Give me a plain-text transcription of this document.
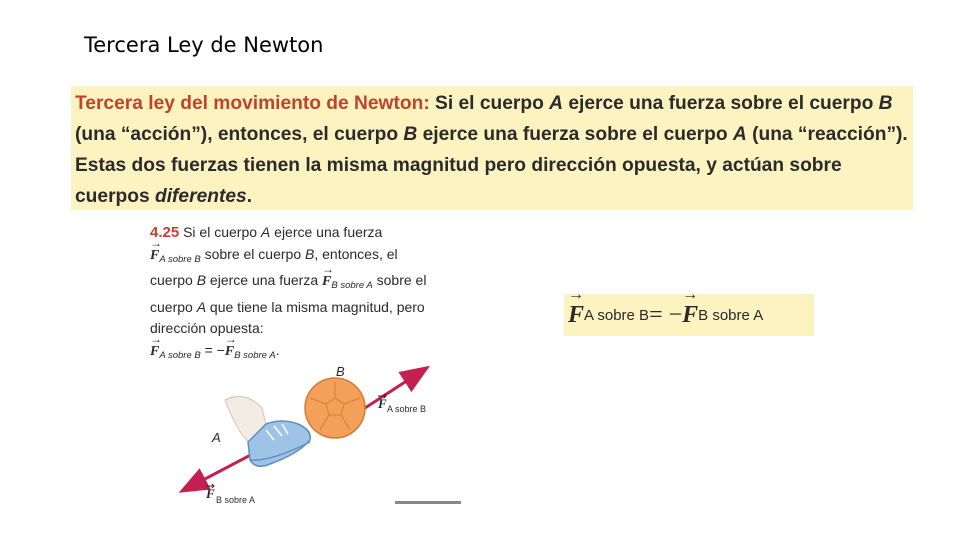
Tercera Ley de Newton
Tercera ley del movimiento de Newton: Si el cuerpo A ejerce una fuerza sobre el cuerpo B (una “acción”), entonces, el cuerpo B ejerce una fuerza sobre el cuerpo A (una “reacción”). Estas dos fuerzas tienen la misma magnitud pero dirección opuesta, y actúan sobre cuerpos diferentes.
4.25 Si el cuerpo A ejerce una fuerza
→ $F_{A sobre B}$ sobre el cuerpo B, entonces, el cuerpo B ejerce una fuerza → $F_{B sobre A}$ sobre el cuerpo A que tiene la misma magnitud, pero dirección opuesta:
→ $F_{A sobre B}$ = −→ $F_{B sobre A}$.
→ F A sobre B = − → F B sobre A
B
A
F A sobre B
F B sobre A
